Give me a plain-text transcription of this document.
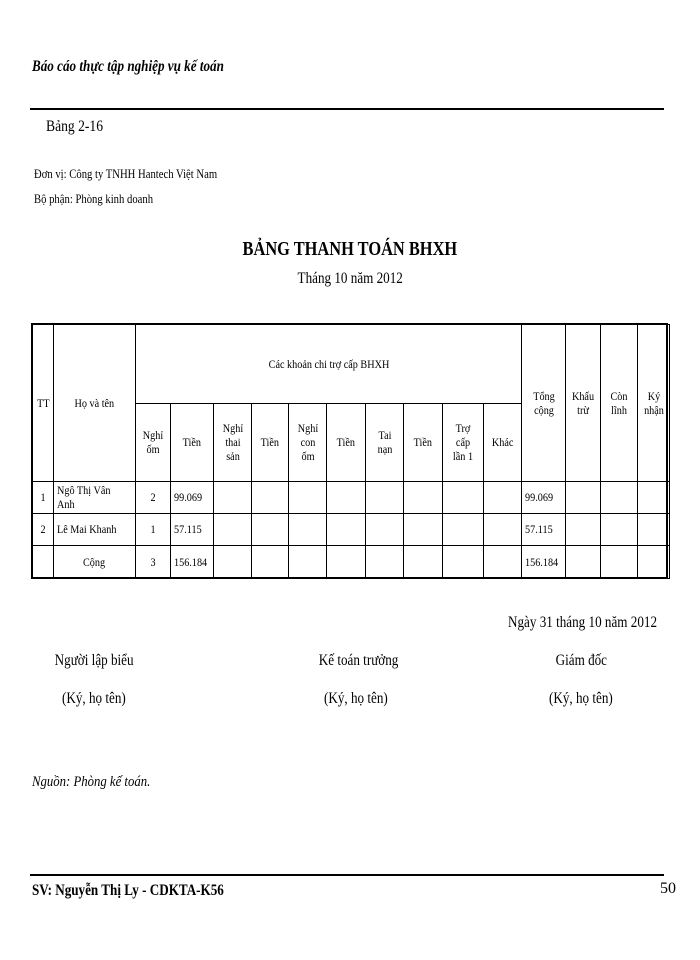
Báo cáo thực tập nghiệp vụ kế toán
Bảng 2-16
Đơn vị: Công ty TNHH Hantech Việt Nam
Bộ phận: Phòng kinh doanh
BẢNG THANH TOÁN BHXH
Tháng 10 năm 2012
TT	Họ và tên	Các khoản chi trợ cấp BHXH										Tổng cộng	Khấu trừ	Còn lĩnh	Ký nhận
		Nghỉ ốm	Tiền	Nghỉ thai sản	Tiền	Nghỉ con ốm	Tiền	Tai nạn	Tiền	Trợ cấp lần 1	Khác				
1	Ngô Thị Vân Anh	2	99.069									99.069			
2	Lê Mai Khanh	1	57.115									57.115			
	Cộng	3	156.184									156.184			
Ngày 31 tháng 10 năm 2012
Người lập biểu
(Ký, họ tên)
Kế toán trưởng
(Ký, họ tên)
Giám đốc
(Ký, họ tên)
Nguồn: Phòng kế toán.
SV: Nguyễn Thị Ly - CDKTA-K56	50
